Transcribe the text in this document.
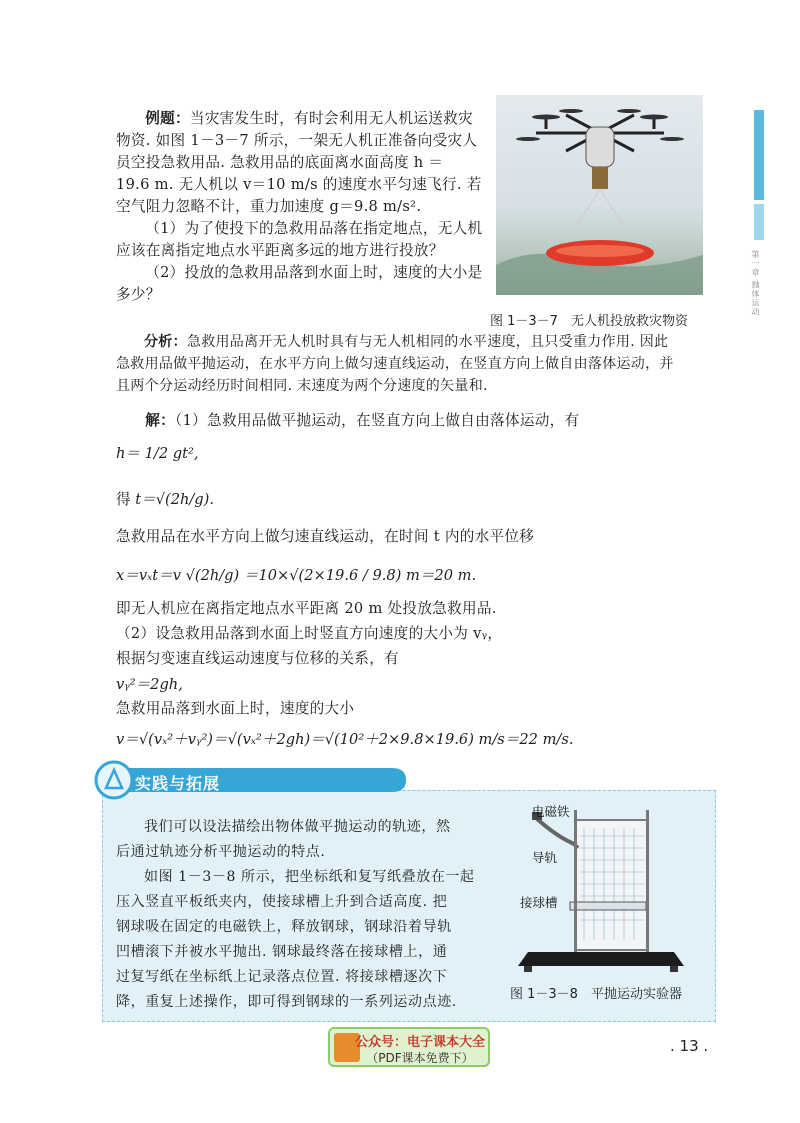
第一章 抛体运动
例题：当灾害发生时，有时会利用无人机运送救灾
物资. 如图 1－3－7 所示，一架无人机正准备向受灾人
员空投急救用品. 急救用品的底面离水面高度 h ＝
19.6 m. 无人机以 v＝10 m/s 的速度水平匀速飞行. 若
空气阻力忽略不计，重力加速度 g＝9.8 m/s².
（1）为了使投下的急救用品落在指定地点，无人机
应该在离指定地点水平距离多远的地方进行投放？
（2）投放的急救用品落到水面上时，速度的大小是
多少？
图 1－3－7　无人机投放救灾物资
分析：急救用品离开无人机时具有与无人机相同的水平速度，且只受重力作用. 因此
急救用品做平抛运动，在水平方向上做匀速直线运动，在竖直方向上做自由落体运动，并
且两个分运动经历时间相同. 末速度为两个分速度的矢量和.
解：（1）急救用品做平抛运动，在竖直方向上做自由落体运动，有
h＝ 1/2 gt²,
得 t＝√(2h/g).
急救用品在水平方向上做匀速直线运动，在时间 t 内的水平位移
x＝vₓt＝v √(2h/g) ＝10×√(2×19.6 / 9.8) m＝20 m.
即无人机应在离指定地点水平距离 20 m 处投放急救用品.
（2）设急救用品落到水面上时竖直方向速度的大小为 vᵧ，
根据匀变速直线运动速度与位移的关系，有
vᵧ²＝2gh,
急救用品落到水面上时，速度的大小
v＝√(vₓ²＋vᵧ²)＝√(vₓ²＋2gh)＝√(10²＋2×9.8×19.6) m/s＝22 m/s.
实践与拓展
我们可以设法描绘出物体做平抛运动的轨迹，然
后通过轨迹分析平抛运动的特点.
如图 1－3－8 所示，把坐标纸和复写纸叠放在一起
压入竖直平板纸夹内，使接球槽上升到合适高度. 把
钢球吸在固定的电磁铁上，释放钢球，钢球沿着导轨
凹槽滚下并被水平抛出. 钢球最终落在接球槽上，通
过复写纸在坐标纸上记录落点位置. 将接球槽逐次下
降，重复上述操作，即可得到钢球的一系列运动点迹.
电磁铁
导轨
接球槽
图 1－3－8　平抛运动实验器
公众号：电子课本大全
（PDF课本免费下）
. 13 .
